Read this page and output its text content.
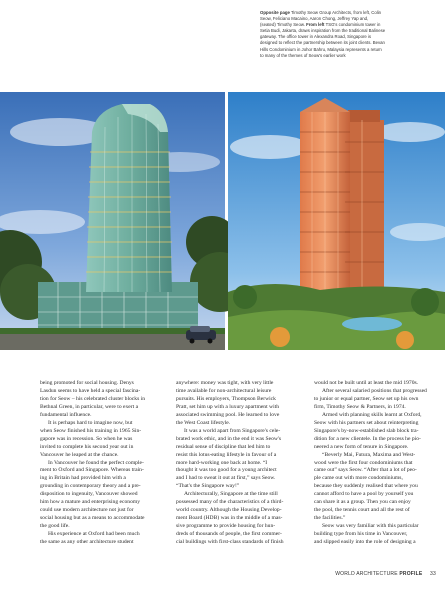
Opposite page Timothy Seow Group Architects, from left, Colin
Seow, Feliciano Macaino, Aaron Chong, Jeffrey Yap and,
(seated) Timothy Seow. From left TSG's condominium tower in
Setia Budi, Jakarta, draws inspiration from the traditional Balinese
gateway. The office tower in Alexandra Road, Singapore is
designed to reflect the partnership between its joint clients. Bevan
Hills Condominium in Johor Bahru, Malaysia represents a return
to many of the themes of Seow's earlier work
being promoted for social housing. Denys
Lasdun seems to have held a special fascina-
tion for Seow – his celebrated cluster blocks in
Bethnal Green, in particular, were to exert a
fundamental influence.
It is perhaps hard to imagine now, but
when Seow finished his training in 1965 Sin-
gapore was in recession. So when he was
invited to complete his second year out in
Vancouver he leaped at the chance.
In Vancouver he found the perfect comple-
ment to Oxford and Singapore. Whereas train-
ing in Britain had provided him with a
grounding in contemporary theory and a pre-
disposition to ingenuity, Vancouver showed
him how a mature and enterprising economy
could use modern architecture not just for
social housing but as a means to accommodate
the good life.
His experience at Oxford had been much
the same as any other architecture student
anywhere: money was tight, with very little
time available for non-architectural leisure
pursuits. His employers, Thompson Berwick
Pratt, set him up with a luxury apartment with
associated swimming pool. He learned to love
the West Coast lifestyle.
It was a world apart from Singapore's cele-
brated work ethic, and in the end it was Seow's
residual sense of discipline that led him to
resist this lotus-eating lifestyle in favour of a
more hard-working one back at home. “I
thought it was too good for a young architect
and I had to sweat it out at first,” says Seow.
“That's the Singapore way!”
Architecturally, Singapore at the time still
possessed many of the characteristics of a third-
world country. Although the Housing Develop-
ment Board (HDB) was in the middle of a mas-
sive programme to provide housing for hun-
dreds of thousands of people, the first commer-
cial buildings with first-class standards of finish
would not be built until at least the mid 1970s.
After several salaried positions that progressed
to junior or equal partner, Seow set up his own
firm, Timothy Seow & Partners, in 1974.
Armed with planning skills learnt at Oxford,
Seow with his partners set about reinterpreting
Singapore's by-now-established slab block tra-
dition for a new clientele. In the process he pio-
neered a new form of tenure in Singapore.
“Beverly Mai, Futura, Maxima and West-
wood were the first four condominiums that
came out” says Seow. “After that a lot of peo-
ple came out with more condominiums,
because they suddenly realised that where you
cannot afford to have a pool by yourself you
can share it as a group. Then you can enjoy
the pool, the tennis court and all the rest of
the facilities.”
Seow was very familiar with this particular
building type from his time in Vancouver,
and slipped easily into the role of designing a
WORLD ARCHITECTURE PROFILE 33
